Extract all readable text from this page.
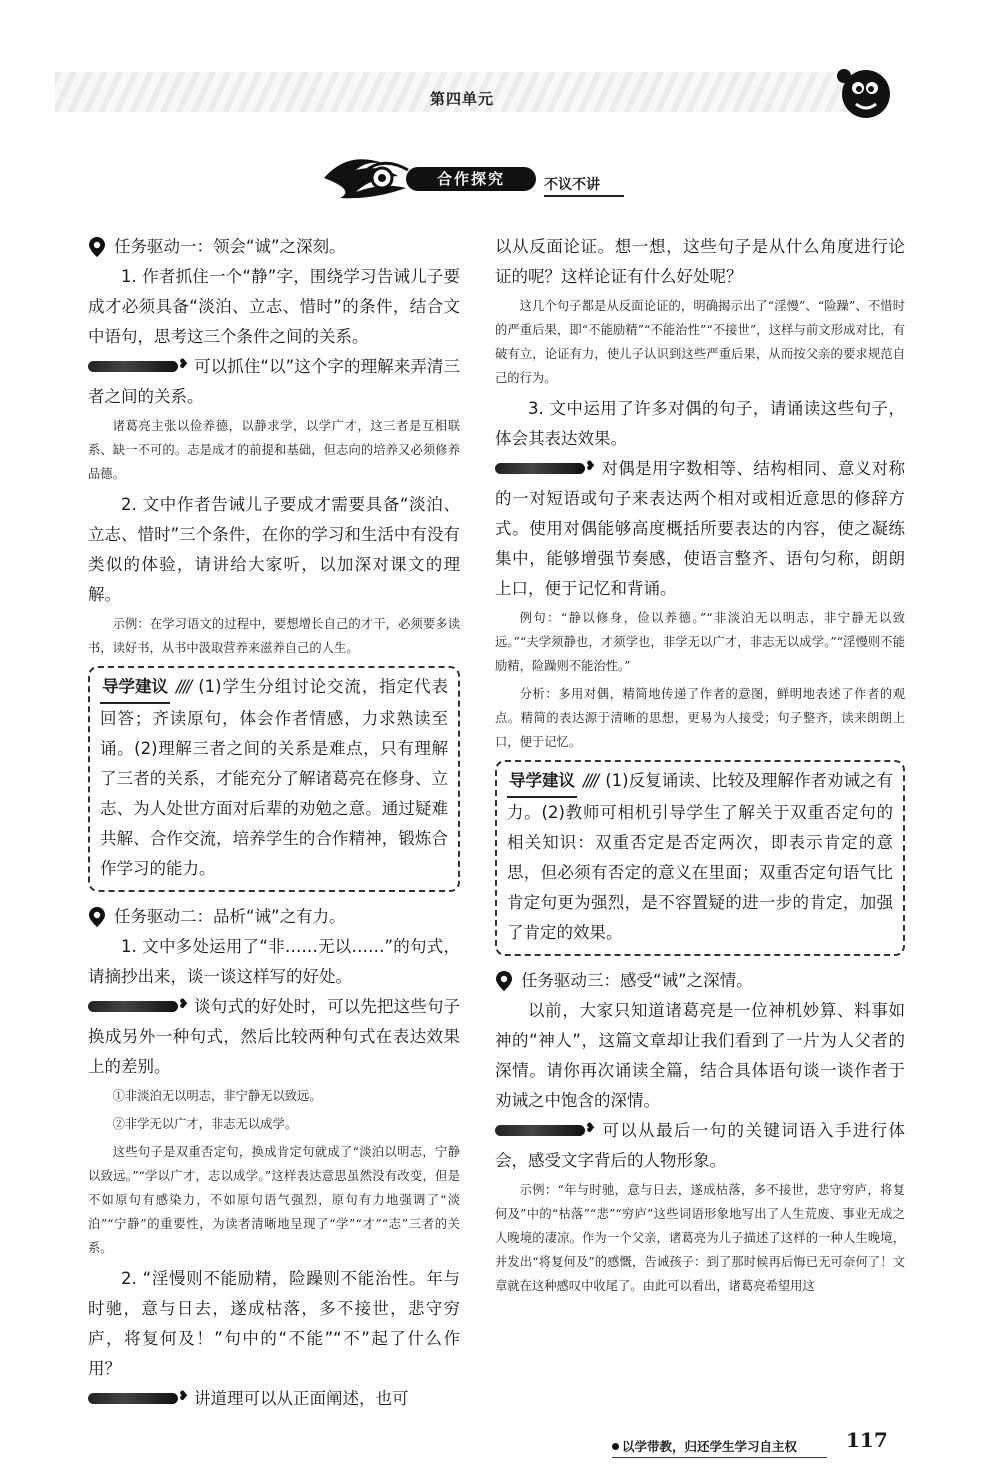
第四单元
合作探究	不议不讲

任务驱动一：领会“诚”之深刻。

1. 作者抓住一个“静”字，围绕学习告诫儿子要成才必须具备“淡泊、立志、惜时”的条件，结合文中语句，思考这三个条件之间的关系。

❥ 可以抓住“以”这个字的理解来弄清三者之间的关系。

诸葛亮主张以俭养德，以静求学，以学广才，这三者是互相联系、缺一不可的。志是成才的前提和基础，但志向的培养又必须修养品德。

2. 文中作者告诫儿子要成才需要具备“淡泊、立志、惜时”三个条件，在你的学习和生活中有没有类似的体验，请讲给大家听，以加深对课文的理解。

示例：在学习语文的过程中，要想增长自己的才干，必须要多读书，读好书，从书中汲取营养来滋养自己的人生。

导学建议 //// (1)学生分组讨论交流，指定代表回答；齐读原句，体会作者情感，力求熟读至诵。(2)理解三者之间的关系是难点，只有理解了三者的关系，才能充分了解诸葛亮在修身、立志、为人处世方面对后辈的劝勉之意。通过疑难共解、合作交流，培养学生的合作精神，锻炼合作学习的能力。

任务驱动二：品析“诫”之有力。

1. 文中多处运用了“非……无以……”的句式，请摘抄出来，谈一谈这样写的好处。

❥ 谈句式的好处时，可以先把这些句子换成另外一种句式，然后比较两种句式在表达效果上的差别。

①非淡泊无以明志，非宁静无以致远。

②非学无以广才，非志无以成学。

这些句子是双重否定句，换成肯定句就成了“淡泊以明志，宁静以致远。”“学以广才，志以成学。”这样表达意思虽然没有改变，但是不如原句有感染力，不如原句语气强烈，原句有力地强调了“淡泊”“宁静”的重要性，为读者清晰地呈现了“学”“才”“志”三者的关系。

2. “淫慢则不能励精，险躁则不能治性。年与时驰，意与日去，遂成枯落，多不接世，悲守穷庐，将复何及！”句中的“不能”“不”起了什么作用？

❥ 讲道理可以从正面阐述，也可

以从反面论证。想一想，这些句子是从什么角度进行论证的呢？这样论证有什么好处呢？

这几个句子都是从反面论证的，明确揭示出了“淫慢”、“险躁”、不惜时的严重后果，即“不能励精”“不能治性”“不接世”，这样与前文形成对比，有破有立，论证有力，使儿子认识到这些严重后果，从而按父亲的要求规范自己的行为。

3. 文中运用了许多对偶的句子，请诵读这些句子，体会其表达效果。

❥ 对偶是用字数相等、结构相同、意义对称的一对短语或句子来表达两个相对或相近意思的修辞方式。使用对偶能够高度概括所要表达的内容，使之凝练集中，能够增强节奏感，使语言整齐、语句匀称，朗朗上口，便于记忆和背诵。

例句：“静以修身，俭以养德。”“非淡泊无以明志，非宁静无以致远。”“夫学须静也，才须学也，非学无以广才，非志无以成学。”“淫慢则不能励精，险躁则不能治性。”

分析：多用对偶，精简地传递了作者的意图，鲜明地表述了作者的观点。精简的表达源于清晰的思想，更易为人接受；句子整齐，读来朗朗上口，便于记忆。

导学建议 //// (1)反复诵读、比较及理解作者劝诫之有力。(2)教师可相机引导学生了解关于双重否定句的相关知识：双重否定是否定两次，即表示肯定的意思，但必须有否定的意义在里面；双重否定句语气比肯定句更为强烈，是不容置疑的进一步的肯定，加强了肯定的效果。

任务驱动三：感受“诫”之深情。

以前，大家只知道诸葛亮是一位神机妙算、料事如神的“神人”，这篇文章却让我们看到了一片为人父者的深情。请你再次诵读全篇，结合具体语句谈一谈作者于劝诫之中饱含的深情。

❥ 可以从最后一句的关键词语入手进行体会，感受文字背后的人物形象。

示例：“年与时驰，意与日去，遂成枯落，多不接世，悲守穷庐，将复何及”中的“枯落”“悲”“穷庐”这些词语形象地写出了人生荒废、事业无成之人晚境的凄凉。作为一个父亲，诸葛亮为儿子描述了这样的一种人生晚境，并发出“将复何及”的感慨，告诫孩子：到了那时候再后悔已无可奈何了！文章就在这种感叹中收尾了。由此可以看出，诸葛亮希望用这

以学带教，归还学生学习自主权 117
